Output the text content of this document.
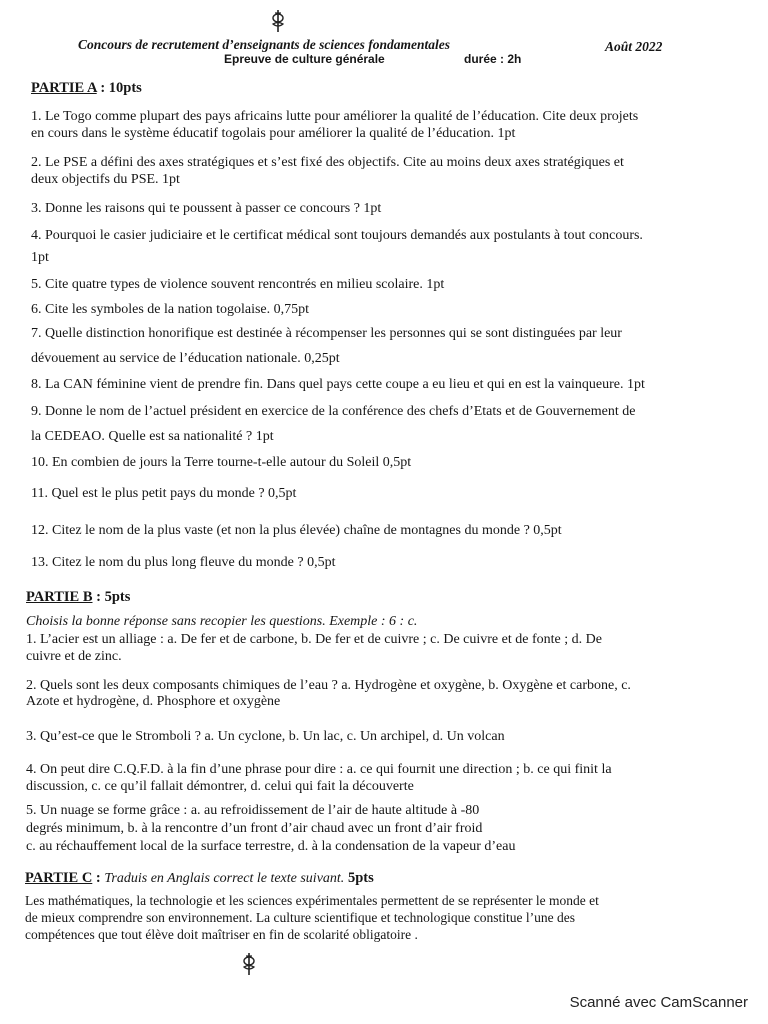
Concours de recrutement d’enseignants de sciences fondamentales	Août 2022
Epreuve de culture générale	durée : 2h
PARTIE A : 10pts
1. Le Togo comme plupart des pays africains lutte pour améliorer la qualité de l’éducation. Cite deux projets
en cours dans le système éducatif togolais pour améliorer la qualité de l’éducation. 1pt
2. Le PSE a défini des axes stratégiques et s’est fixé des objectifs. Cite au moins deux axes stratégiques et
deux objectifs du PSE. 1pt
3. Donne les raisons qui te poussent à passer ce concours ? 1pt
4. Pourquoi le casier judiciaire et le certificat médical sont toujours demandés aux postulants à tout concours.
1pt
5. Cite quatre types de violence souvent rencontrés en milieu scolaire. 1pt
6. Cite les symboles de la nation togolaise. 0,75pt
7. Quelle distinction honorifique est destinée à récompenser les personnes qui se sont distinguées par leur
dévouement au service de l’éducation nationale. 0,25pt
8. La CAN féminine vient de prendre fin. Dans quel pays cette coupe a eu lieu et qui en est la vainqueure. 1pt
9. Donne le nom de l’actuel président en exercice de la conférence des chefs d’Etats et de Gouvernement de
la CEDEAO. Quelle est sa nationalité ? 1pt
10. En combien de jours la Terre tourne-t-elle autour du Soleil 0,5pt
11. Quel est le plus petit pays du monde ? 0,5pt
12. Citez le nom de la plus vaste (et non la plus élevée) chaîne de montagnes du monde ? 0,5pt
13. Citez le nom du plus long fleuve du monde ? 0,5pt
PARTIE B : 5pts
Choisis la bonne réponse sans recopier les questions. Exemple : 6 : c.
1. L’acier est un alliage : a. De fer et de carbone, b. De fer et de cuivre ; c. De cuivre et de fonte ; d. De
cuivre et de zinc.
2. Quels sont les deux composants chimiques de l’eau ? a. Hydrogène et oxygène, b. Oxygène et carbone, c.
Azote et hydrogène, d. Phosphore et oxygène
3. Qu’est-ce que le Stromboli ? a. Un cyclone, b. Un lac, c. Un archipel, d. Un volcan
4. On peut dire C.Q.F.D. à la fin d’une phrase pour dire : a. ce qui fournit une direction ; b. ce qui finit la
discussion, c. ce qu’il fallait démontrer, d. celui qui fait la découverte
5. Un nuage se forme grâce : a. au refroidissement de l’air de haute altitude à -80
degrés minimum, b. à la rencontre d’un front d’air chaud avec un front d’air froid
c. au réchauffement local de la surface terrestre, d. à la condensation de la vapeur d’eau
PARTIE C : Traduis en Anglais correct le texte suivant. 5pts
Les mathématiques, la technologie et les sciences expérimentales permettent de se représenter le monde et
de mieux comprendre son environnement. La culture scientifique et technologique constitue l’une des
compétences que tout élève doit maîtriser en fin de scolarité obligatoire .
Scanné avec CamScanner
